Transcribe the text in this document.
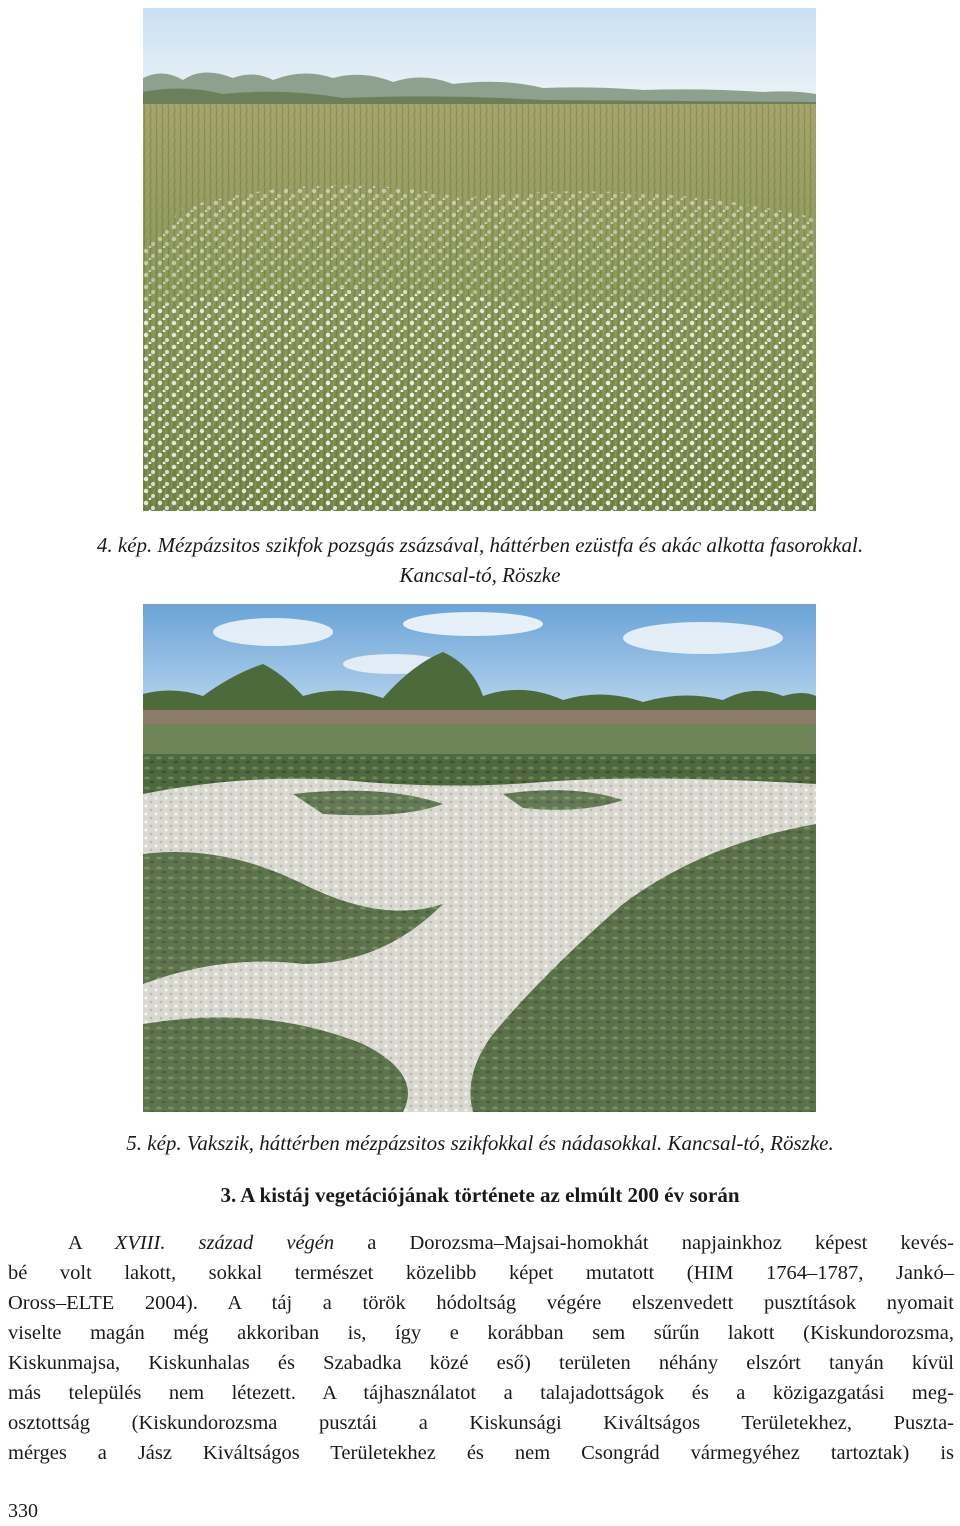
4. kép. Mézpázsitos szikfok pozsgás zsázsával, háttérben ezüstfa és akác alkotta fasorokkal.
Kancsal-tó, Röszke
5. kép. Vakszik, háttérben mézpázsitos szikfokkal és nádasokkal. Kancsal-tó, Röszke.
3. A kistáj vegetációjának története az elmúlt 200 év során
A XVIII. század végén a Dorozsma–Majsai-homokhát napjainkhoz képest kevés-
bé volt lakott, sokkal természet közelibb képet mutatott (HIM 1764–1787, Jankó–
Oross–ELTE 2004). A táj a török hódoltság végére elszenvedett pusztítások nyomait
viselte magán még akkoriban is, így e korábban sem sűrűn lakott (Kiskundorozsma,
Kiskunmajsa, Kiskunhalas és Szabadka közé eső) területen néhány elszórt tanyán kívül
más település nem létezett. A tájhasználatot a talajadottságok és a közigazgatási meg-
osztottság (Kiskundorozsma pusztái a Kiskunsági Kiváltságos Területekhez, Puszta-
mérges a Jász Kiváltságos Területekhez és nem Csongrád vármegyéhez tartoztak) is
330
